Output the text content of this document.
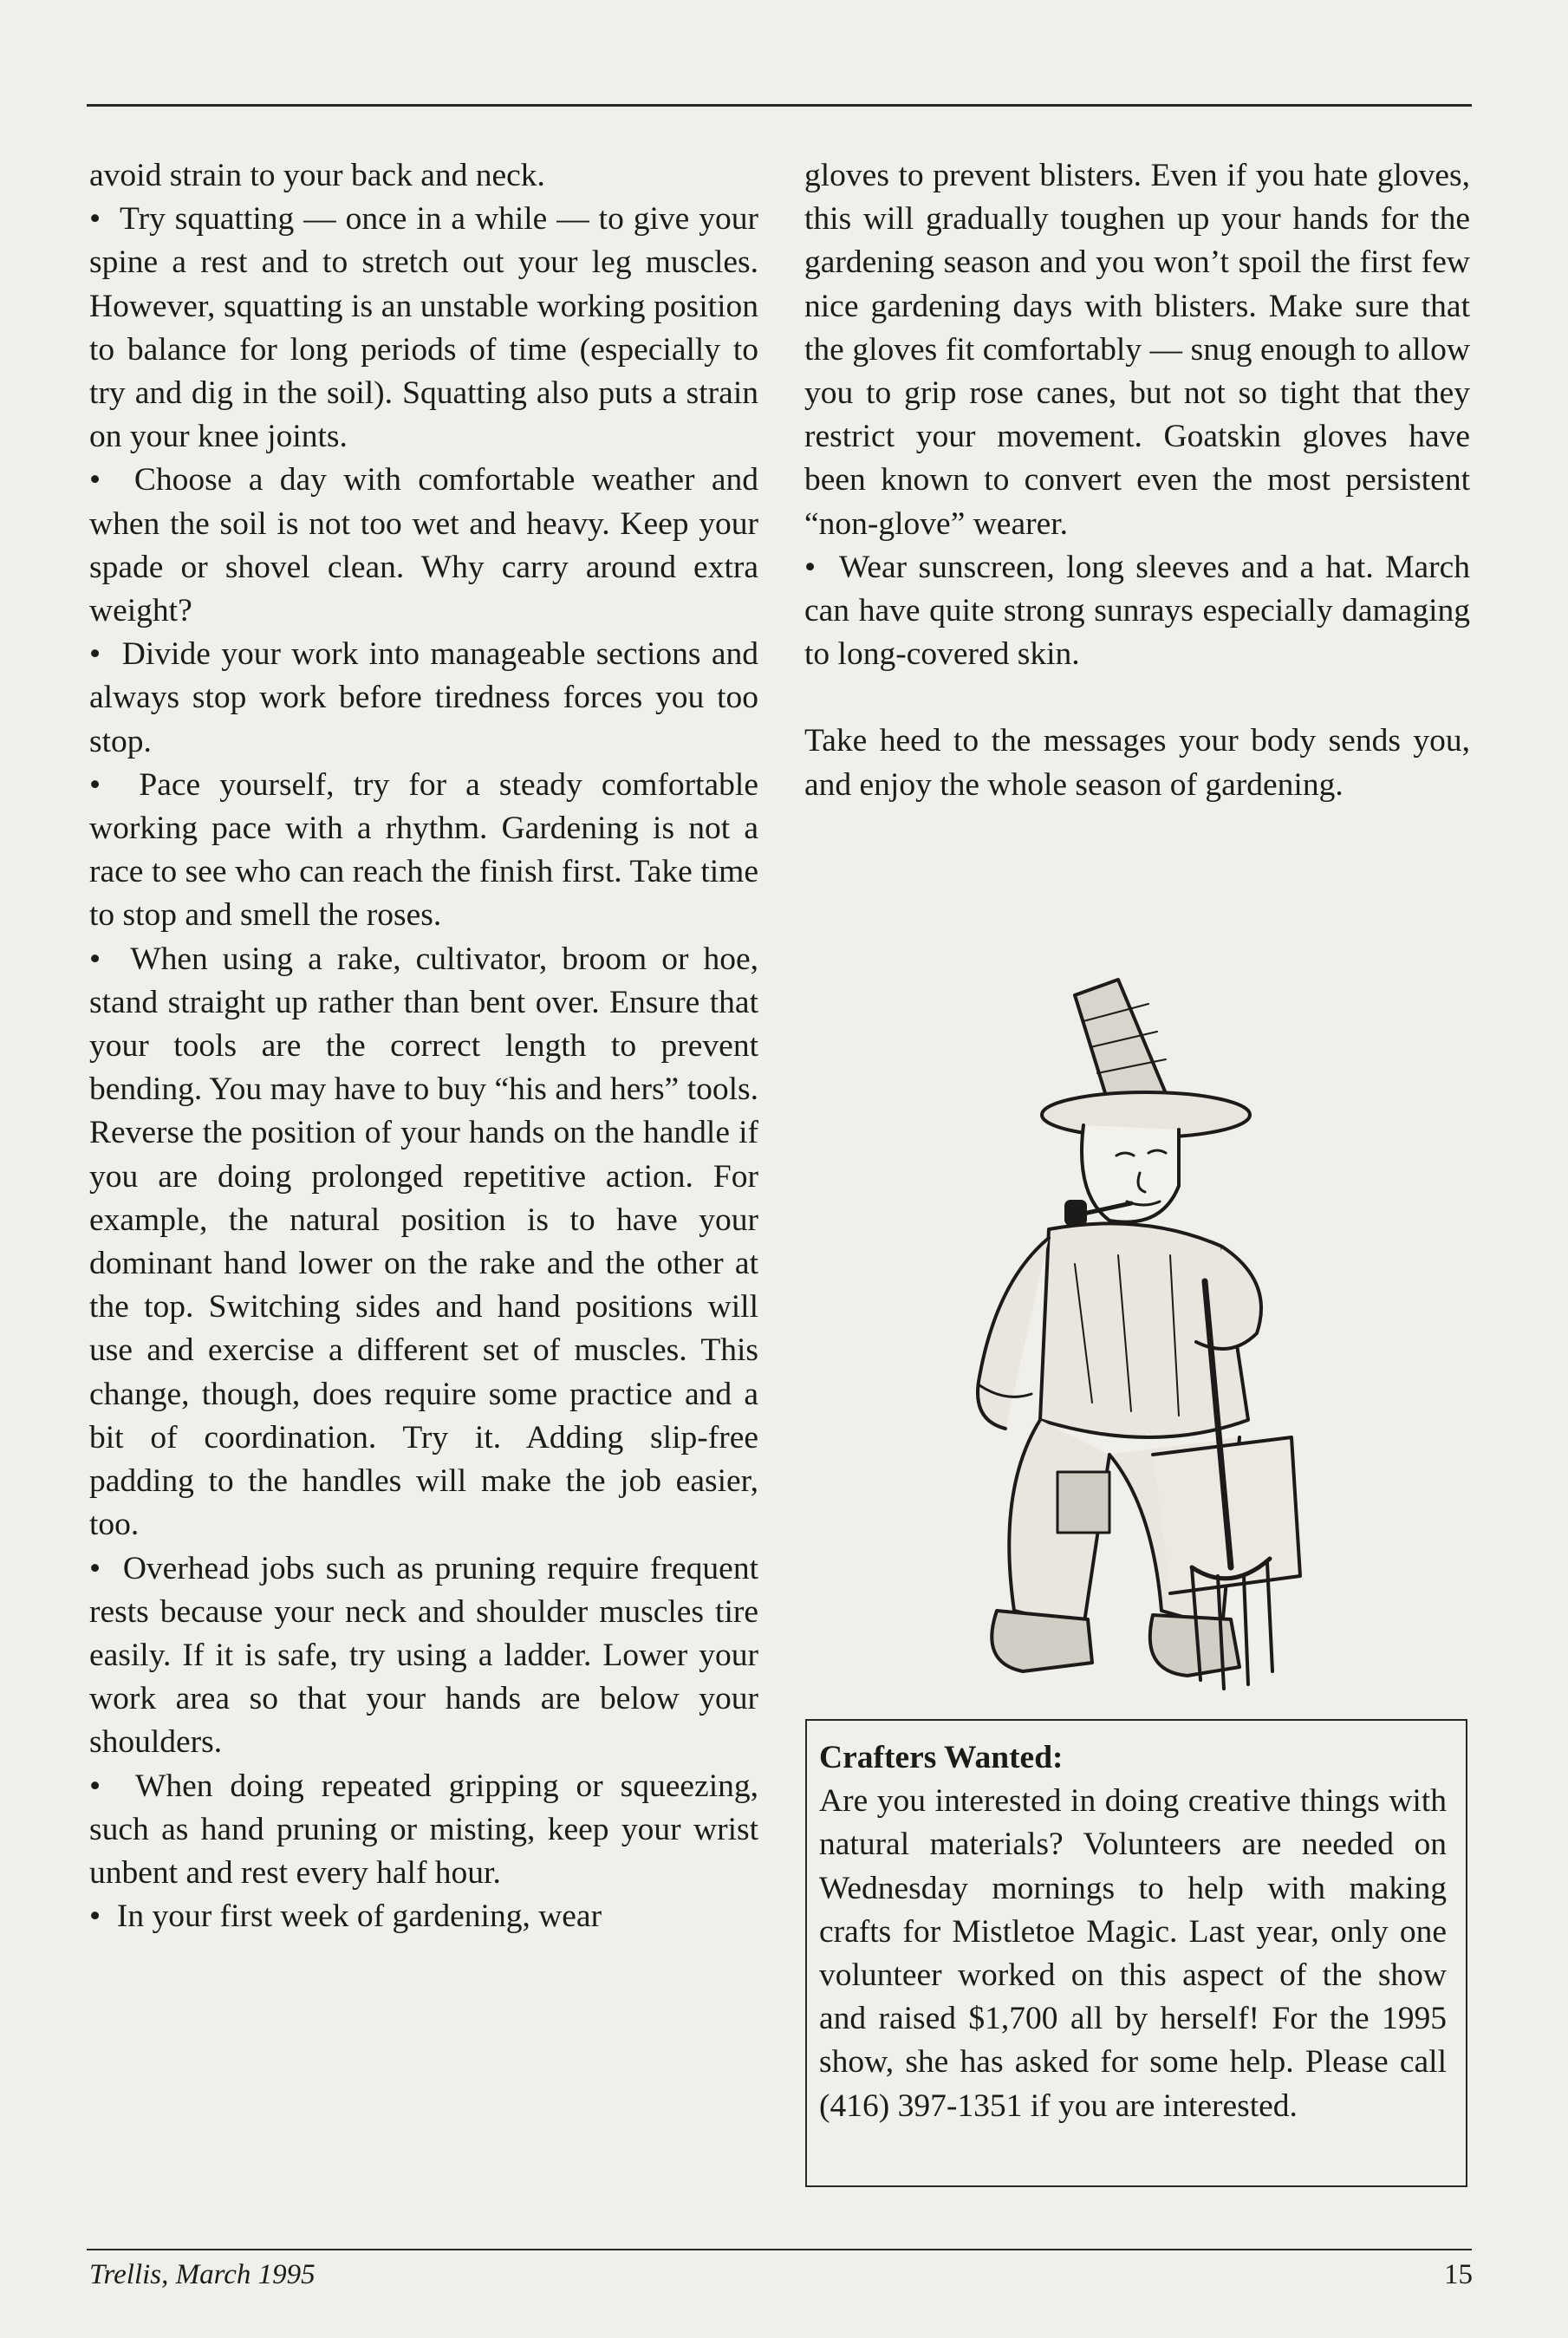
avoid strain to your back and neck.

•  Try squatting — once in a while — to give your spine a rest and to stretch out your leg muscles. However, squatting is an unstable working position to balance for long periods of time (especially to try and dig in the soil). Squatting also puts a strain on your knee joints.

•  Choose a day with comfortable weather and when the soil is not too wet and heavy. Keep your spade or shovel clean. Why carry around extra weight?

•  Divide your work into manageable sections and always stop work before tiredness forces you too stop.

•  Pace yourself, try for a steady comfortable working pace with a rhythm. Gardening is not a race to see who can reach the finish first. Take time to stop and smell the roses.

•  When using a rake, cultivator, broom or hoe, stand straight up rather than bent over. Ensure that your tools are the correct length to prevent bending. You may have to buy “his and hers” tools. Reverse the position of your hands on the handle if you are doing prolonged repetitive action. For example, the natural position is to have your dominant hand lower on the rake and the other at the top. Switching sides and hand positions will use and exercise a different set of muscles. This change, though, does require some practice and a bit of coordination. Try it. Adding slip-free padding to the handles will make the job easier, too.

•  Overhead jobs such as pruning require frequent rests because your neck and shoulder muscles tire easily. If it is safe, try using a ladder. Lower your work area so that your hands are below your shoulders.

•  When doing repeated gripping or squeezing, such as hand pruning or misting, keep your wrist unbent and rest every half hour.

•  In your first week of gardening, wear

gloves to prevent blisters. Even if you hate gloves, this will gradually toughen up your hands for the gardening season and you won’t spoil the first few nice gardening days with blisters. Make sure that the gloves fit comfortably — snug enough to allow you to grip rose canes, but not so tight that they restrict your movement. Goatskin gloves have been known to convert even the most persistent “non-glove” wearer.

•  Wear sunscreen, long sleeves and a hat. March can have quite strong sunrays especially damaging to long-covered skin.

Take heed to the messages your body sends you, and enjoy the whole season of gardening.

Crafters Wanted:

Are you interested in doing creative things with natural materials? Volunteers are needed on Wednesday mornings to help with making crafts for Mistletoe Magic. Last year, only one volunteer worked on this aspect of the show and raised $1,700 all by herself! For the 1995 show, she has asked for some help. Please call (416) 397-1351 if you are interested.

Trellis, March 1995	15
